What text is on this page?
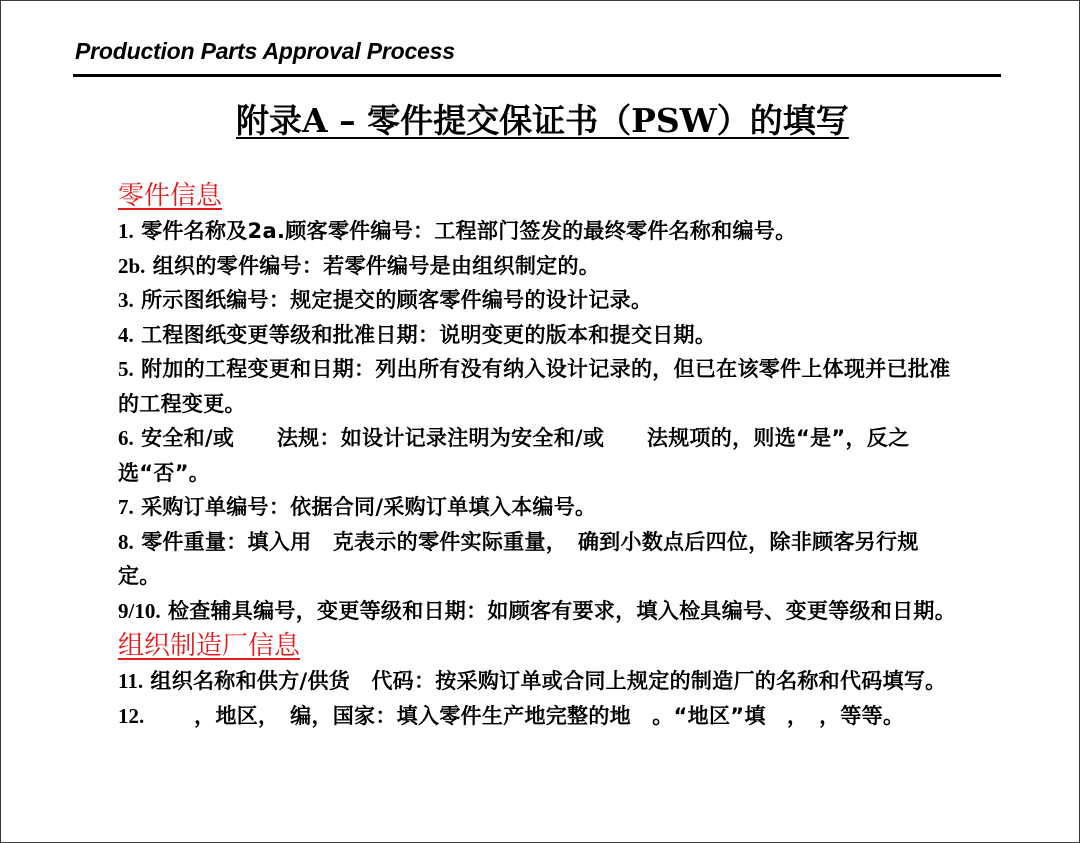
Production Parts Approval Process
附录A – 零件提交保证书（PSW）的填写
零件信息

1. 零件名称及2a.顾客零件编号：工程部门签发的最终零件名称和编号。

2b. 组织的零件编号：若零件编号是由组织制定的。

3. 所示图纸编号：规定提交的顾客零件编号的设计记录。

4. 工程图纸变更等级和批准日期：说明变更的版本和提交日期。

5. 附加的工程变更和日期：列出所有没有纳入设计记录的，但已在该零件上体现并已批准的工程变更。

6. 安全和/或　　法规：如设计记录注明为安全和/或　　法规项的，则选“是”，反之选“否”。

7. 采购订单编号：依据合同/采购订单填入本编号。

8. 零件重量：填入用　克表示的零件实际重量，　确到小数点后四位，除非顾客另行规定。

9/10. 检查辅具编号，变更等级和日期：如顾客有要求，填入检具编号、变更等级和日期。

组织制造厂信息

11. 组织名称和供方/供货　代码：按采购订单或合同上规定的制造厂的名称和代码填写。

12. 　　，地区，　编，国家：填入零件生产地完整的地　。“地区”填　，　，等等。
